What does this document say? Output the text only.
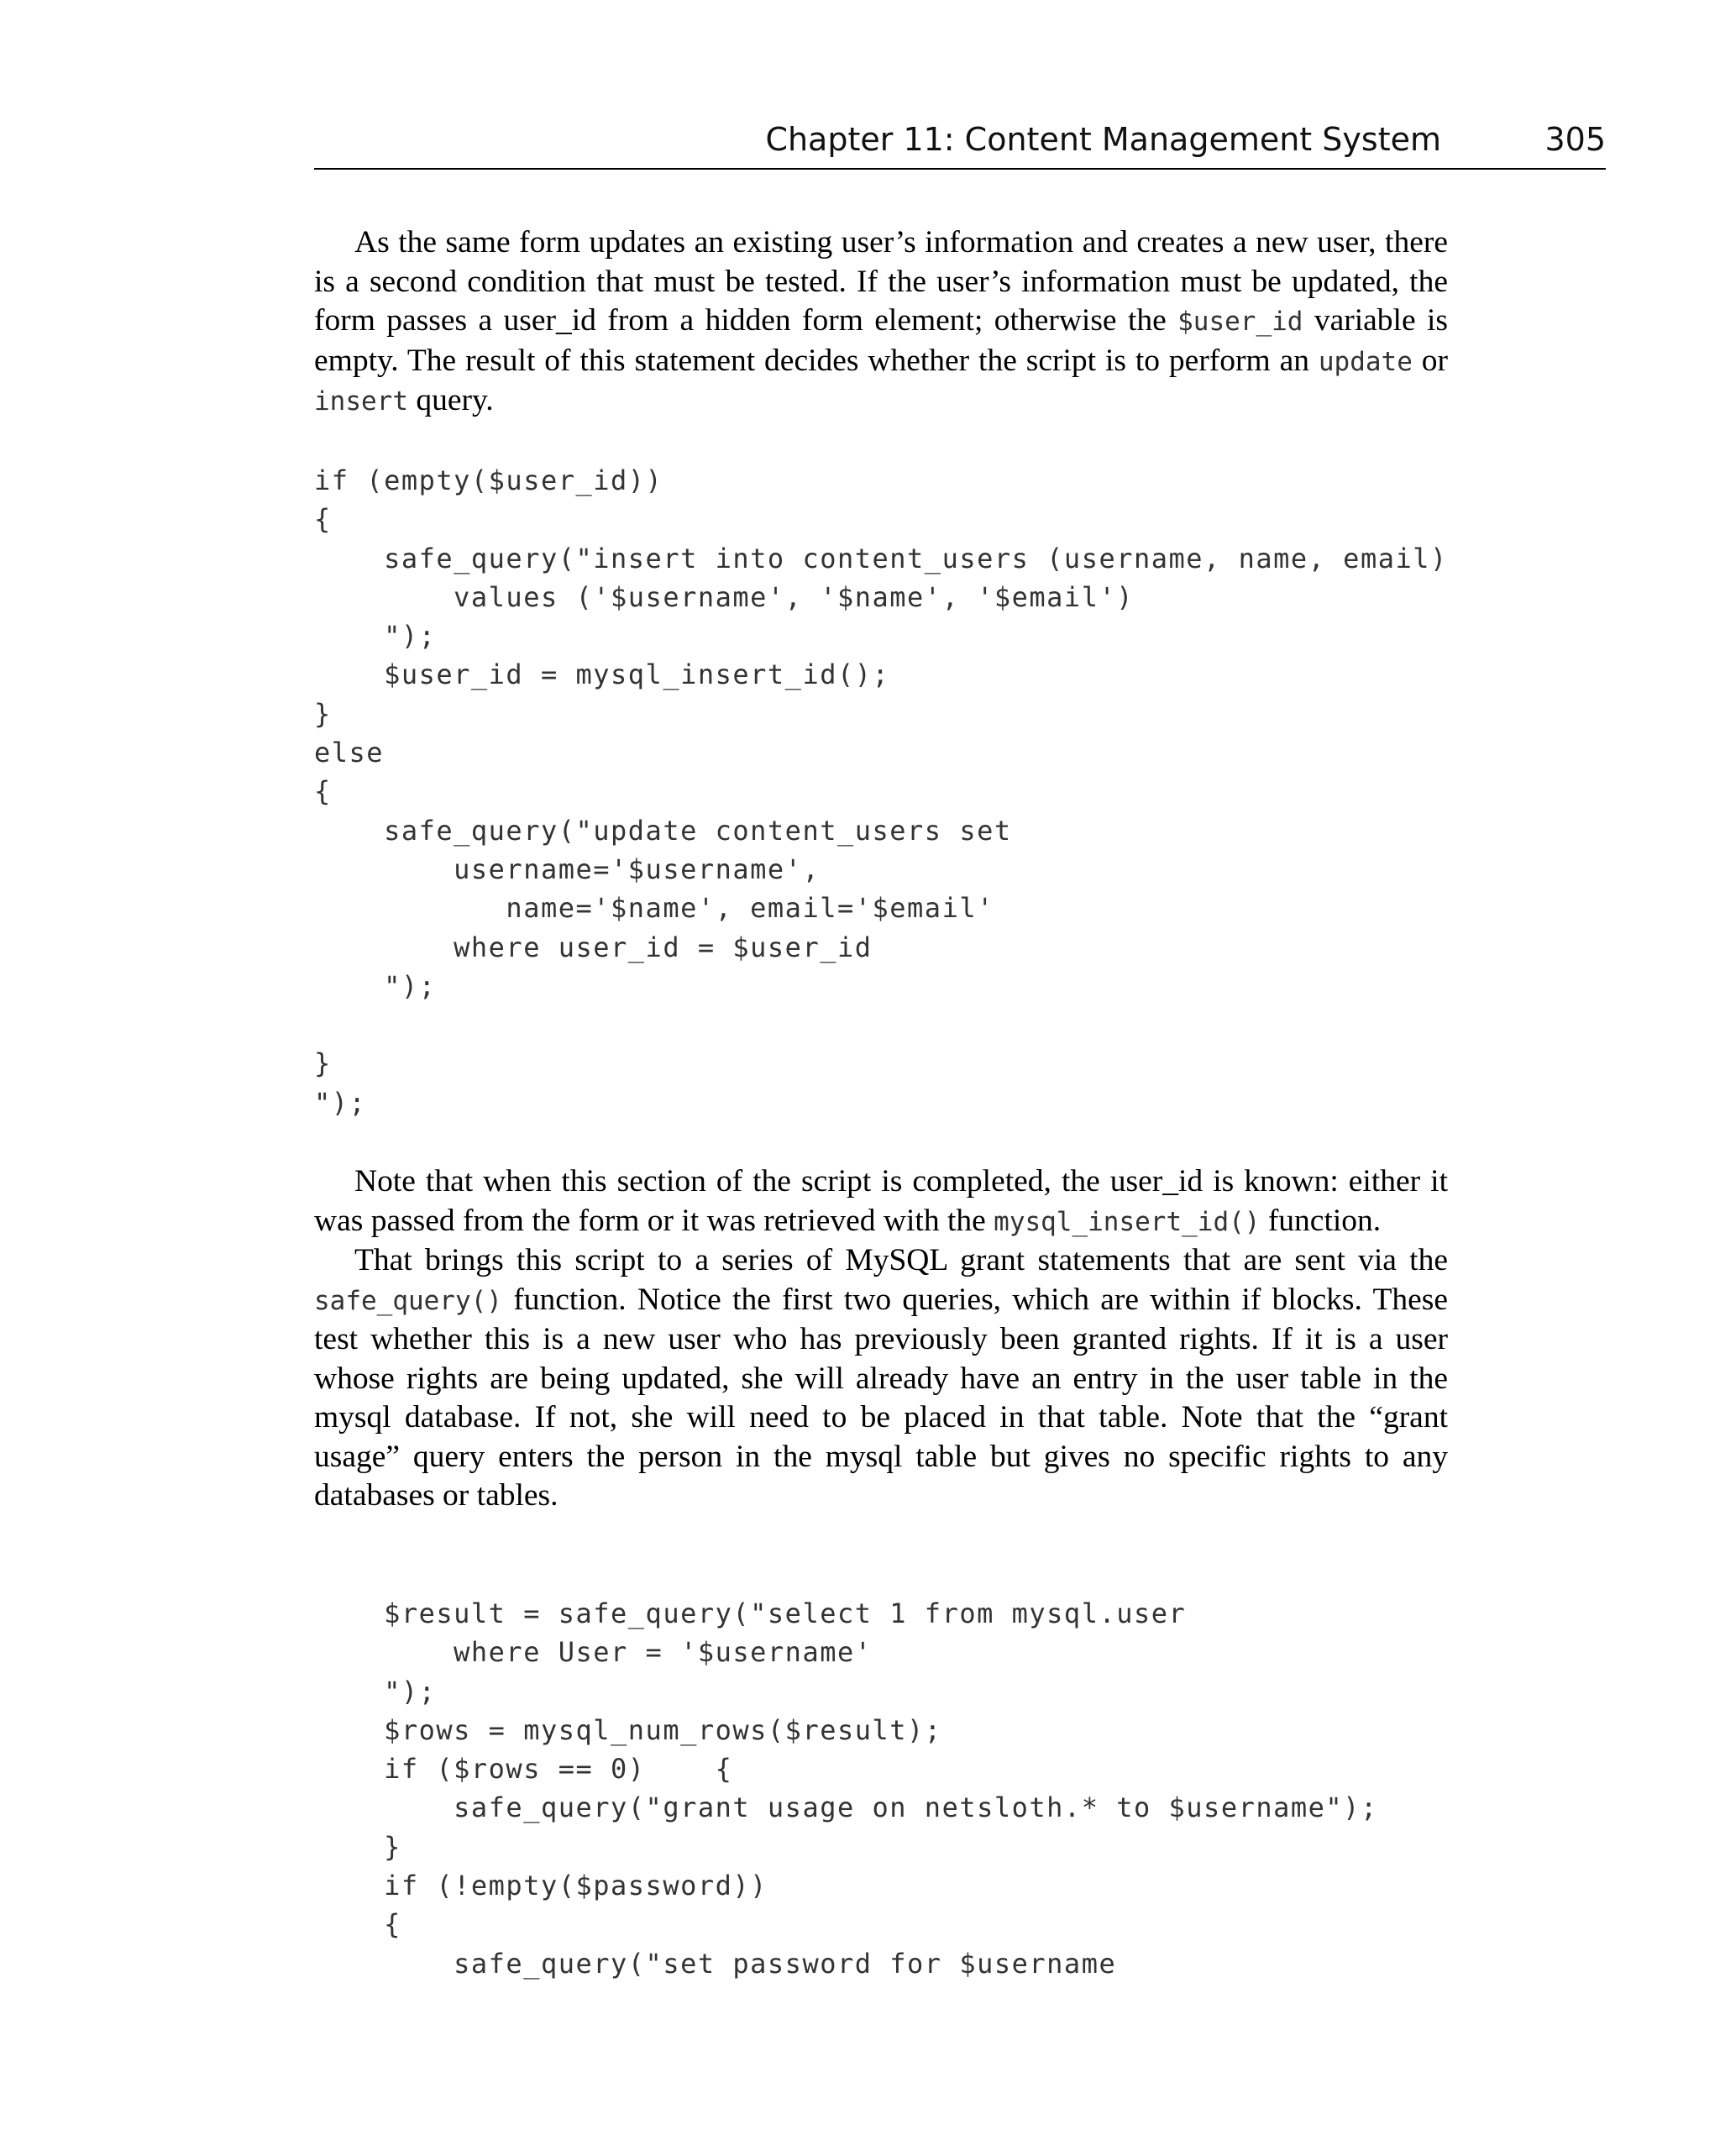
Chapter 11: Content Management System	305

As the same form updates an existing user’s information and creates a new user, there is a second condition that must be tested. If the user’s information must be updated, the form passes a user_id from a hidden form element; otherwise the $user_id variable is empty. The result of this statement decides whether the script is to perform an update or insert query.

if (empty($user_id))
{
safe_query("insert into content_users (username, name, email)
values ('$username', '$name', '$email')
");
$user_id = mysql_insert_id();
}
else
{
safe_query("update content_users set
username='$username',
name='$name', email='$email'
where user_id = $user_id
");

}
");

Note that when this section of the script is completed, the user_id is known: either it was passed from the form or it was retrieved with the mysql_insert_id() function.

That brings this script to a series of MySQL grant statements that are sent via the safe_query() function. Notice the first two queries, which are within if blocks. These test whether this is a new user who has previously been granted rights. If it is a user whose rights are being updated, she will already have an entry in the user table in the mysql database. If not, she will need to be placed in that table. Note that the “grant usage” query enters the person in the mysql table but gives no specific rights to any databases or tables.

$result = safe_query("select 1 from mysql.user
where User = '$username'
");
$rows = mysql_num_rows($result);
if ($rows == 0)    {
safe_query("grant usage on netsloth.* to $username");
}
if (!empty($password))
{
safe_query("set password for $username
